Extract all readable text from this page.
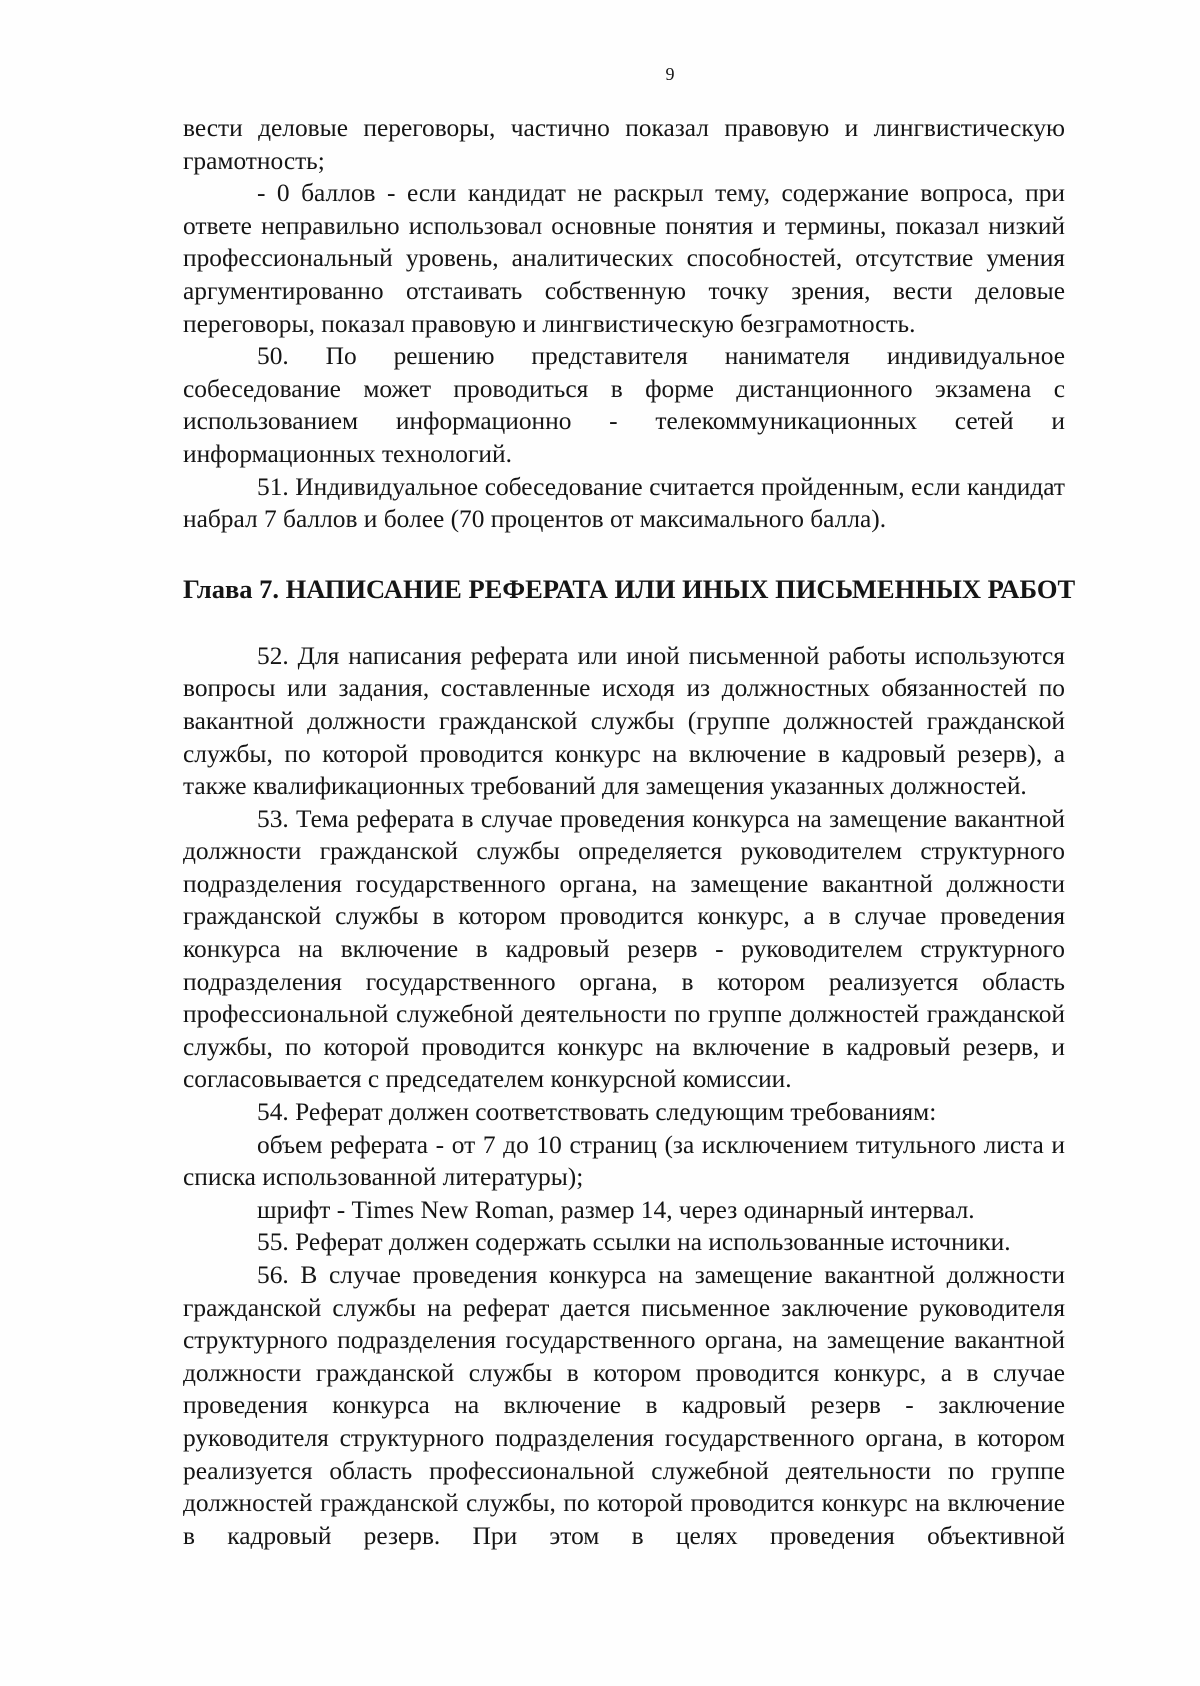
9

вести деловые переговоры, частично показал правовую и лингвистическую грамотность;

- 0 баллов - если кандидат не раскрыл тему, содержание вопроса, при ответе неправильно использовал основные понятия и термины, показал низкий профессиональный уровень, аналитических способностей, отсутствие умения аргументированно отстаивать собственную точку зрения, вести деловые переговоры, показал правовую и лингвистическую безграмотность.

50. По решению представителя нанимателя индивидуальное собеседование может проводиться в форме дистанционного экзамена с использованием информационно - телекоммуникационных сетей и информационных технологий.

51. Индивидуальное собеседование считается пройденным, если кандидат набрал 7 баллов и более (70 процентов от максимального балла).

Глава 7. НАПИСАНИЕ РЕФЕРАТА ИЛИ ИНЫХ ПИСЬМЕННЫХ РАБОТ

52. Для написания реферата или иной письменной работы используются вопросы или задания, составленные исходя из должностных обязанностей по вакантной должности гражданской службы (группе должностей гражданской службы, по которой проводится конкурс на включение в кадровый резерв), а также квалификационных требований для замещения указанных должностей.

53. Тема реферата в случае проведения конкурса на замещение вакантной должности гражданской службы определяется руководителем структурного подразделения государственного органа, на замещение вакантной должности гражданской службы в котором проводится конкурс, а в случае проведения конкурса на включение в кадровый резерв - руководителем структурного подразделения государственного органа, в котором реализуется область профессиональной служебной деятельности по группе должностей гражданской службы, по которой проводится конкурс на включение в кадровый резерв, и согласовывается с председателем конкурсной комиссии.

54. Реферат должен соответствовать следующим требованиям:

объем реферата - от 7 до 10 страниц (за исключением титульного листа и списка использованной литературы);

шрифт - Times New Roman, размер 14, через одинарный интервал.

55. Реферат должен содержать ссылки на использованные источники.

56. В случае проведения конкурса на замещение вакантной должности гражданской службы на реферат дается письменное заключение руководителя структурного подразделения государственного органа, на замещение вакантной должности гражданской службы в котором проводится конкурс, а в случае проведения конкурса на включение в кадровый резерв - заключение руководителя структурного подразделения государственного органа, в котором реализуется область профессиональной служебной деятельности по группе должностей гражданской службы, по которой проводится конкурс на включение в кадровый резерв. При этом в целях проведения объективной
